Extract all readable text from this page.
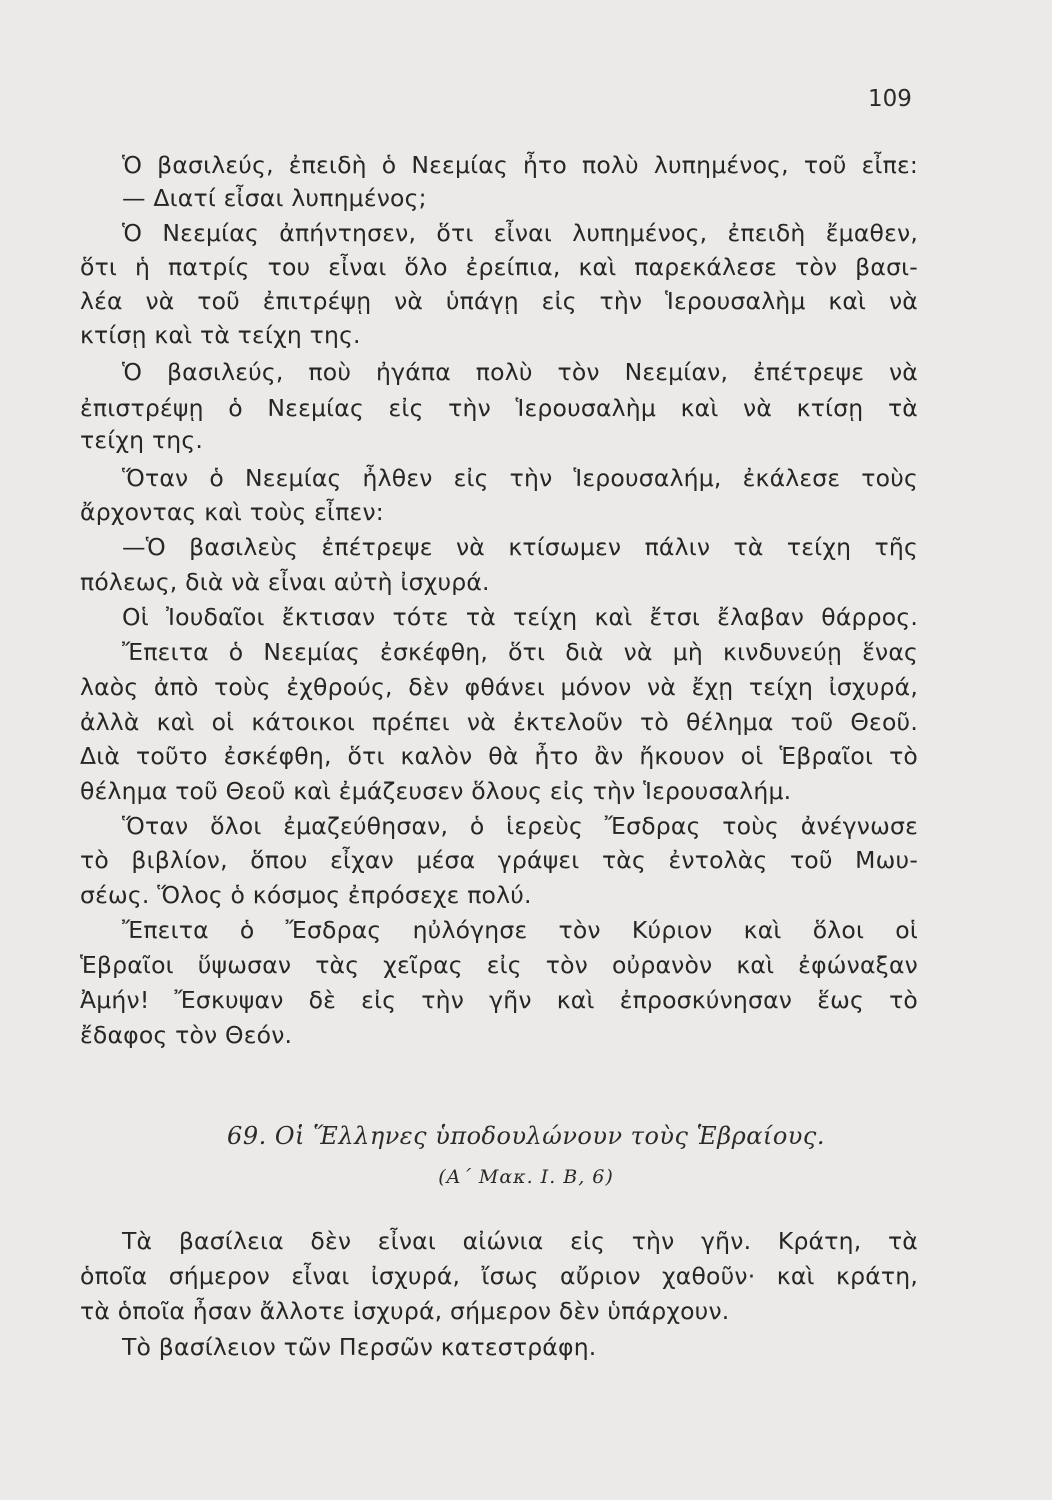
109
Ὁ βασιλεύς, ἐπειδὴ ὁ Νεεμίας ἦτο πολὺ λυπημένος, τοῦ εἶπε:
— Διατί εἶσαι λυπημένος;
Ὁ Νεεμίας ἀπήντησεν, ὅτι εἶναι λυπημένος, ἐπειδὴ ἔμαθεν,
ὅτι ἡ πατρίς του εἶναι ὅλο ἐρείπια, καὶ παρεκάλεσε τὸν βασι-
λέα νὰ τοῦ ἐπιτρέψῃ νὰ ὑπάγῃ εἰς τὴν Ἱερουσαλὴμ καὶ νὰ
κτίσῃ καὶ τὰ τείχη της.
Ὁ βασιλεύς, ποὺ ἠγάπα πολὺ τὸν Νεεμίαν, ἐπέτρεψε νὰ
ἐπιστρέψῃ ὁ Νεεμίας εἰς τὴν Ἱερουσαλὴμ καὶ νὰ κτίσῃ τὰ
τείχη της.
Ὅταν ὁ Νεεμίας ἦλθεν εἰς τὴν Ἱερουσαλήμ, ἐκάλεσε τοὺς
ἄρχοντας καὶ τοὺς εἶπεν:
—Ὁ βασιλεὺς ἐπέτρεψε νὰ κτίσωμεν πάλιν τὰ τείχη τῆς
πόλεως, διὰ νὰ εἶναι αὐτὴ ἰσχυρά.
Οἱ Ἰουδαῖοι ἔκτισαν τότε τὰ τείχη καὶ ἔτσι ἔλαβαν θάρρος.
Ἔπειτα ὁ Νεεμίας ἐσκέφθη, ὅτι διὰ νὰ μὴ κινδυνεύῃ ἕνας
λαὸς ἀπὸ τοὺς ἐχθρούς, δὲν φθάνει μόνον νὰ ἔχῃ τείχη ἰσχυρά,
ἀλλὰ καὶ οἱ κάτοικοι πρέπει νὰ ἐκτελοῦν τὸ θέλημα τοῦ Θεοῦ.
Διὰ τοῦτο ἐσκέφθη, ὅτι καλὸν θὰ ἦτο ἂν ἤκουον οἱ Ἑβραῖοι τὸ
θέλημα τοῦ Θεοῦ καὶ ἐμάζευσεν ὅλους εἰς τὴν Ἱερουσαλήμ.
Ὅταν ὅλοι ἐμαζεύθησαν, ὁ ἱερεὺς Ἔσδρας τοὺς ἀνέγνωσε
τὸ βιβλίον, ὅπου εἶχαν μέσα γράψει τὰς ἐντολὰς τοῦ Μωυ-
σέως. Ὅλος ὁ κόσμος ἐπρόσεχε πολύ.
Ἔπειτα ὁ Ἔσδρας ηὐλόγησε τὸν Κύριον καὶ ὅλοι οἱ
Ἑβραῖοι ὕψωσαν τὰς χεῖρας εἰς τὸν οὐρανὸν καὶ ἐφώναξαν
Ἀμήν! Ἔσκυψαν δὲ εἰς τὴν γῆν καὶ ἐπροσκύνησαν ἕως τὸ
ἔδαφος τὸν Θεόν.
69. Οἱ Ἕλληνες ὑποδουλώνουν τοὺς Ἑβραίους.
(Α΄ Μακ. Ι. Β, 6)
Τὰ βασίλεια δὲν εἶναι αἰώνια εἰς τὴν γῆν. Κράτη, τὰ
ὁποῖα σήμερον εἶναι ἰσχυρά, ἴσως αὔριον χαθοῦν· καὶ κράτη,
τὰ ὁποῖα ἦσαν ἄλλοτε ἰσχυρά, σήμερον δὲν ὑπάρχουν.
Τὸ βασίλειον τῶν Περσῶν κατεστράφη.
